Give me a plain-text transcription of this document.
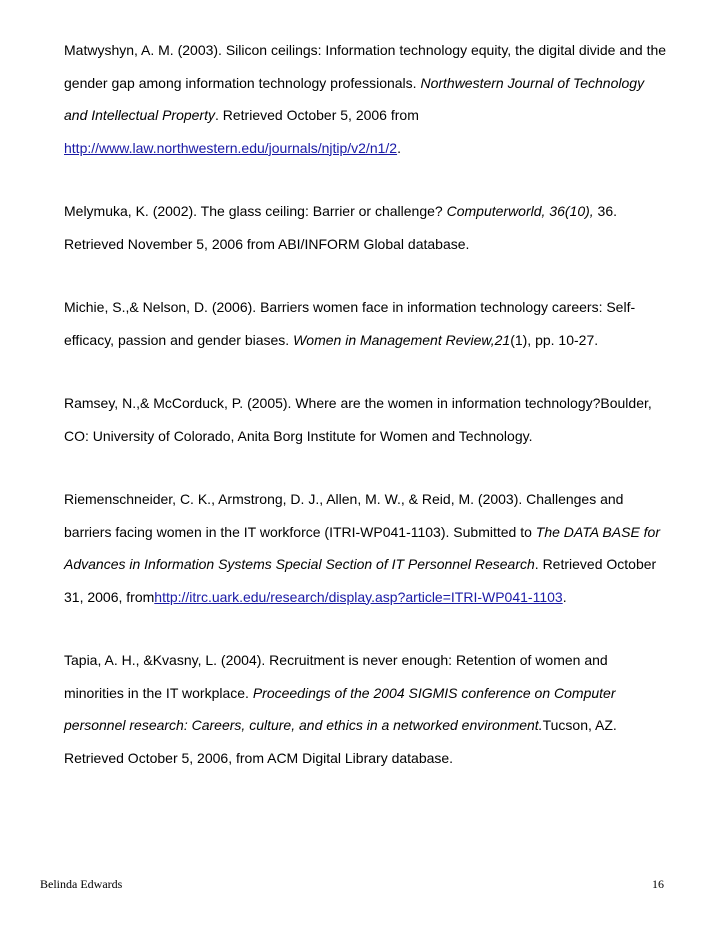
Matwyshyn, A. M. (2003). Silicon ceilings: Information technology equity, the digital divide and the
gender gap among information technology professionals. Northwestern Journal of Technology
and Intellectual Property. Retrieved October 5, 2006 from
http://www.law.northwestern.edu/journals/njtip/v2/n1/2.
Melymuka, K. (2002). The glass ceiling: Barrier or challenge? Computerworld, 36(10), 36.
Retrieved November 5, 2006 from ABI/INFORM Global database.
Michie, S.,& Nelson, D. (2006). Barriers women face in information technology careers: Self-
efficacy, passion and gender biases. Women in Management Review,21(1), pp. 10-27.
Ramsey, N.,& McCorduck, P. (2005). Where are the women in information technology?Boulder,
CO: University of Colorado, Anita Borg Institute for Women and Technology.
Riemenschneider, C. K., Armstrong, D. J., Allen, M. W., & Reid, M. (2003). Challenges and
barriers facing women in the IT workforce (ITRI-WP041-1103). Submitted to The DATA BASE for
Advances in Information Systems Special Section of IT Personnel Research. Retrieved October
31, 2006, fromhttp://itrc.uark.edu/research/display.asp?article=ITRI-WP041-1103.
Tapia, A. H., &Kvasny, L. (2004). Recruitment is never enough: Retention of women and
minorities in the IT workplace. Proceedings of the 2004 SIGMIS conference on Computer
personnel research: Careers, culture, and ethics in a networked environment.Tucson, AZ.
Retrieved October 5, 2006, from ACM Digital Library database.
Belinda Edwards	16
